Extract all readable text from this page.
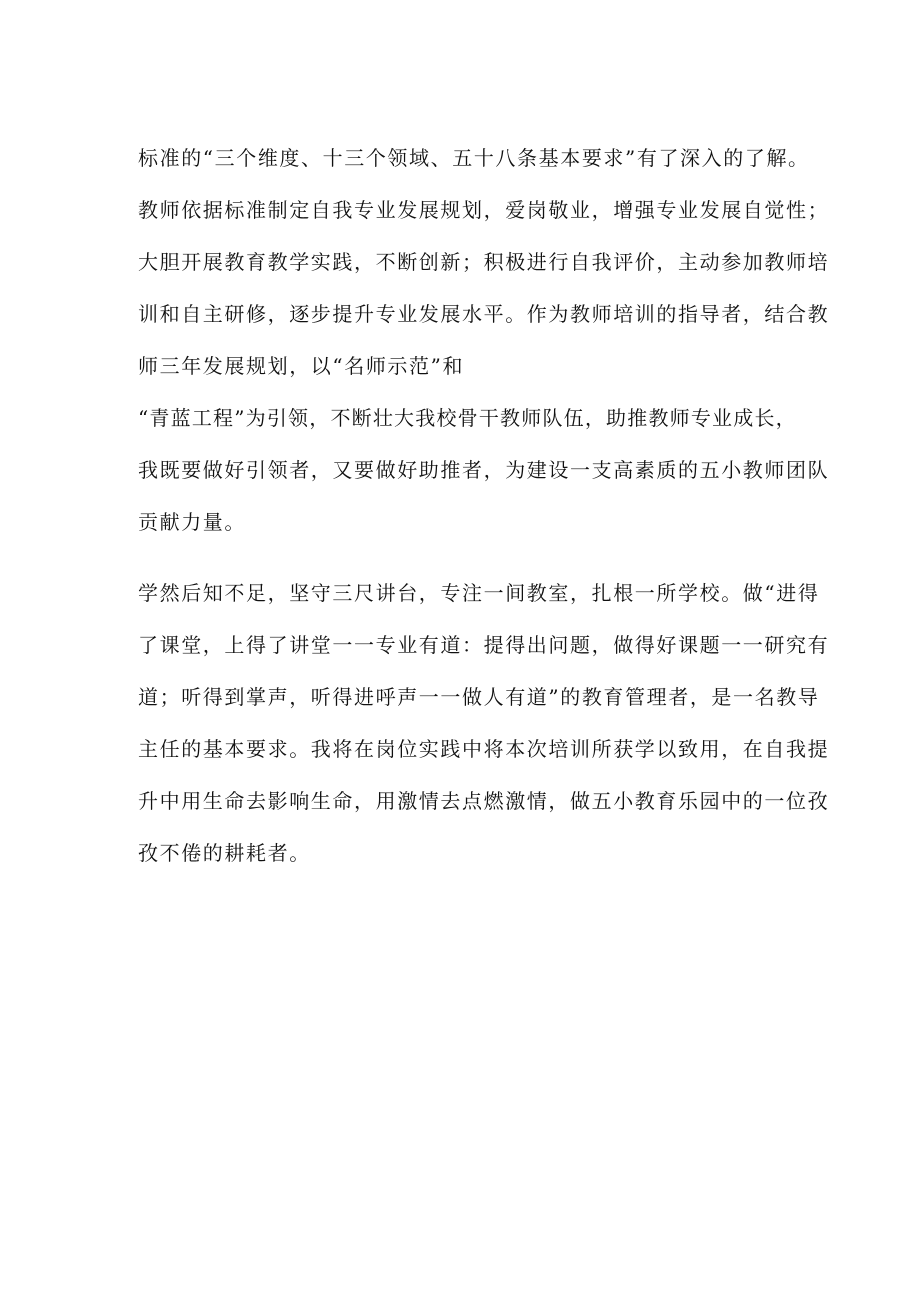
标准的“三个维度、十三个领域、五十八条基本要求”有了深入的了解。
教师依据标准制定自我专业发展规划，爱岗敬业，增强专业发展自觉性；
大胆开展教育教学实践，不断创新；积极进行自我评价，主动参加教师培
训和自主研修，逐步提升专业发展水平。作为教师培训的指导者，结合教
师三年发展规划，以“名师示范”和
“青蓝工程”为引领，不断壮大我校骨干教师队伍，助推教师专业成长，
我既要做好引领者，又要做好助推者，为建设一支高素质的五小教师团队
贡献力量。
学然后知不足，坚守三尺讲台，专注一间教室，扎根一所学校。做“进得
了课堂，上得了讲堂一一专业有道：提得出问题，做得好课题一一研究有
道；听得到掌声，听得进呼声一一做人有道”的教育管理者，是一名教导
主任的基本要求。我将在岗位实践中将本次培训所获学以致用，在自我提
升中用生命去影响生命，用激情去点燃激情，做五小教育乐园中的一位孜
孜不倦的耕耗者。
